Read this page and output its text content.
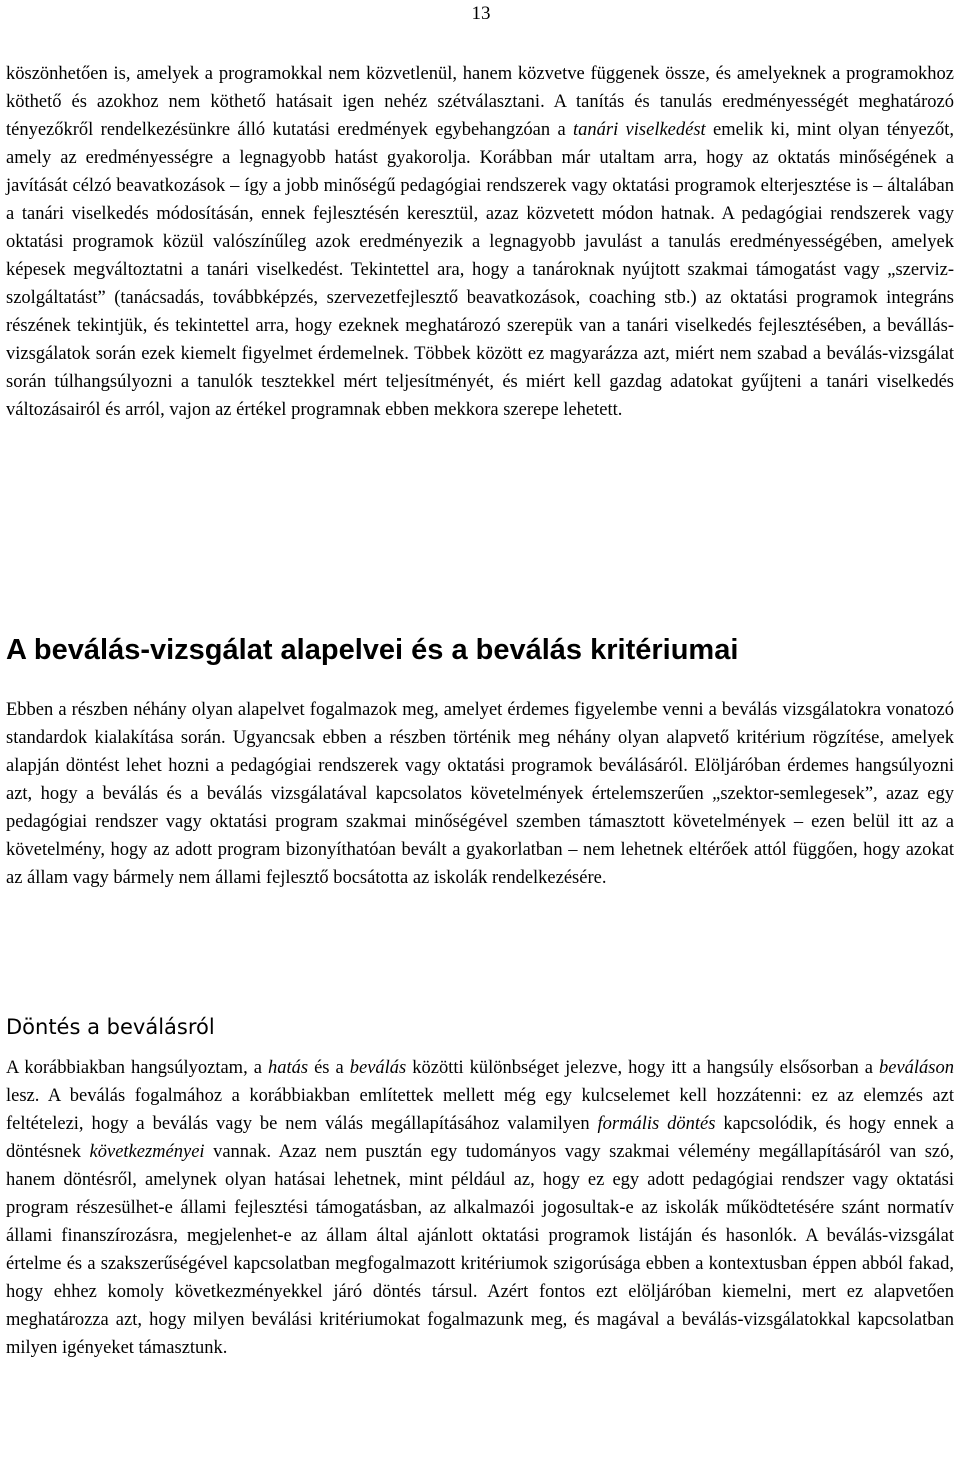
13

köszönhetően is, amelyek a programokkal nem közvetlenül, hanem közvetve függenek össze, és amelyeknek a programokhoz köthető és azokhoz nem köthető hatásait igen nehéz szétválasztani. A tanítás és tanulás eredményességét meghatározó tényezőkről rendelkezésünkre álló kutatási eredmények egybehangzóan a tanári viselkedést emelik ki, mint olyan tényezőt, amely az eredményességre a legnagyobb hatást gyakorolja. Korábban már utaltam arra, hogy az oktatás minőségének a javítását célzó beavatkozások – így a jobb minőségű pedagógiai rendszerek vagy oktatási programok elterjesztése is – általában a tanári viselkedés módosításán, ennek fejlesztésén keresztül, azaz közvetett módon hatnak. A pedagógiai rendszerek vagy oktatási programok közül valószínűleg azok eredményezik a legnagyobb javulást a tanulás eredményességében, amelyek képesek megváltoztatni a tanári viselkedést. Tekintettel ara, hogy a tanároknak nyújtott szakmai támogatást vagy „szerviz-szolgáltatást” (tanácsadás, továbbképzés, szervezetfejlesztő beavatkozások, coaching stb.) az oktatási programok integráns részének tekintjük, és tekintettel arra, hogy ezeknek meghatározó szerepük van a tanári viselkedés fejlesztésében, a bevállás-vizsgálatok során ezek kiemelt figyelmet érdemelnek. Többek között ez magyarázza azt, miért nem szabad a beválás-vizsgálat során túlhangsúlyozni a tanulók tesztekkel mért teljesítményét, és miért kell gazdag adatokat gyűjteni a tanári viselkedés változásairól és arról, vajon az értékel programnak ebben mekkora szerepe lehetett.

A beválás-vizsgálat alapelvei és a beválás kritériumai

Ebben a részben néhány olyan alapelvet fogalmazok meg, amelyet érdemes figyelembe venni a beválás vizsgálatokra vonatozó standardok kialakítása során. Ugyancsak ebben a részben történik meg néhány olyan alapvető kritérium rögzítése, amelyek alapján döntést lehet hozni a pedagógiai rendszerek vagy oktatási programok beválásáról. Elöljáróban érdemes hangsúlyozni azt, hogy a beválás és a beválás vizsgálatával kapcsolatos követelmények értelemszerűen „szektor-semlegesek”, azaz egy pedagógiai rendszer vagy oktatási program szakmai minőségével szemben támasztott követelmények – ezen belül itt az a követelmény, hogy az adott program bizonyíthatóan bevált a gyakorlatban – nem lehetnek eltérőek attól függően, hogy azokat az állam vagy bármely nem állami fejlesztő bocsátotta az iskolák rendelkezésére.

Döntés a beválásról

A korábbiakban hangsúlyoztam, a hatás és a beválás közötti különbséget jelezve, hogy itt a hangsúly elsősorban a beváláson lesz. A beválás fogalmához a korábbiakban említettek mellett még egy kulcselemet kell hozzátenni: ez az elemzés azt feltételezi, hogy a beválás vagy be nem válás megállapításához valamilyen formális döntés kapcsolódik, és hogy ennek a döntésnek következményei vannak. Azaz nem pusztán egy tudományos vagy szakmai vélemény megállapításáról van szó, hanem döntésről, amelynek olyan hatásai lehetnek, mint például az, hogy ez egy adott pedagógiai rendszer vagy oktatási program részesülhet-e állami fejlesztési támogatásban, az alkalmazói jogosultak-e az iskolák működtetésére szánt normatív állami finanszírozásra, megjelenhet-e az állam által ajánlott oktatási programok listáján és hasonlók. A beválás-vizsgálat értelme és a szakszerűségével kapcsolatban megfogalmazott kritériumok szigorúsága ebben a kontextusban éppen abból fakad, hogy ehhez komoly következményekkel járó döntés társul. Azért fontos ezt elöljáróban kiemelni, mert ez alapvetően meghatározza azt, hogy milyen beválási kritériumokat fogalmazunk meg, és magával a beválás-vizsgálatokkal kapcsolatban milyen igényeket támasztunk.
